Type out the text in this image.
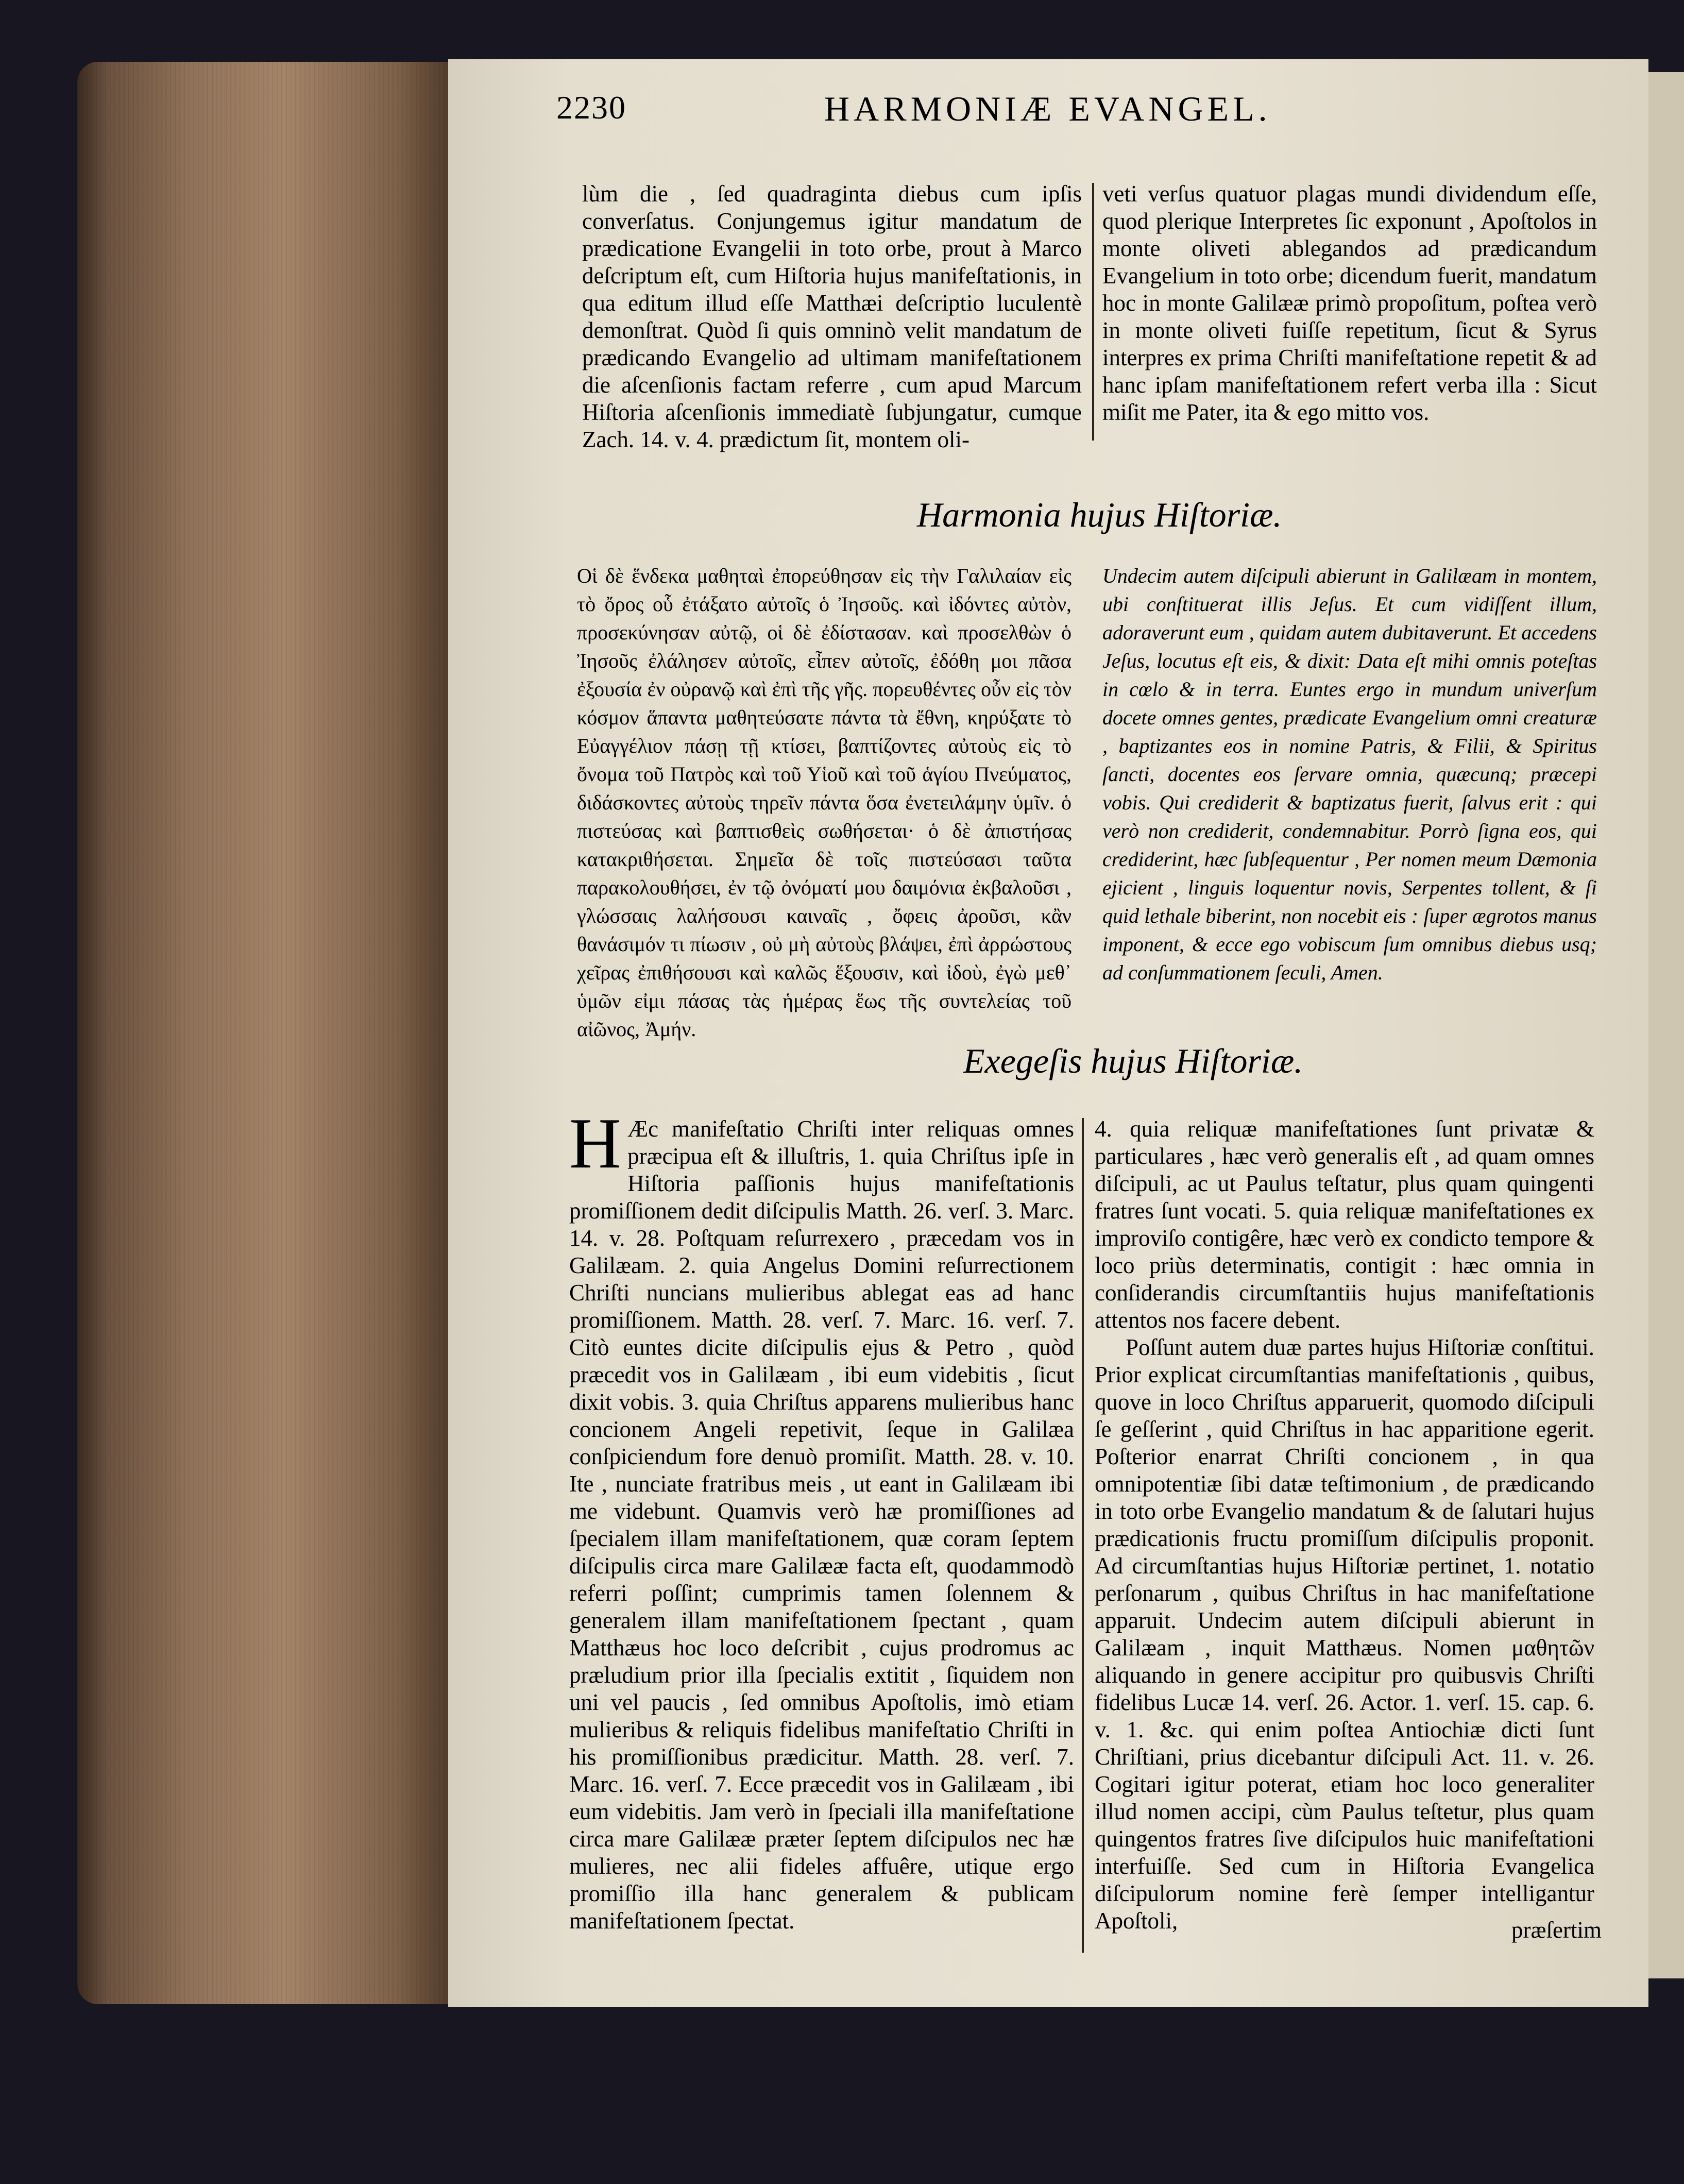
2230	HARMONIÆ EVANGEL.

lùm die , ſed quadraginta diebus cum ipſis converſatus. Conjungemus igitur mandatum de prædicatione Evangelii in toto orbe, prout à Marco deſcriptum eſt, cum Hiſtoria hujus manifeſtationis, in qua editum illud eſſe Matthæi deſcriptio luculentè demonſtrat. Quòd ſi quis omninò velit mandatum de prædicando Evangelio ad ultimam manifeſtationem die aſcenſionis factam referre , cum apud Marcum Hiſtoria aſcenſionis immediatè ſubjungatur, cumque Zach. 14. v. 4. prædictum ſit, montem oli-

veti verſus quatuor plagas mundi dividendum eſſe, quod plerique Interpretes ſic exponunt , Apoſtolos in monte oliveti ablegandos ad prædicandum Evangelium in toto orbe; dicendum fuerit, mandatum hoc in monte Galilææ primò propoſitum, poſtea verò in monte oliveti fuiſſe repetitum, ſicut & Syrus interpres ex prima Chriſti manifeſtatione repetit & ad hanc ipſam manifeſtationem refert verba illa : Sicut miſit me Pater, ita & ego mitto vos.

Harmonia hujus Hiſtoriæ.

Οἱ δὲ ἕνδεκα μαθηταὶ ἐπορεύθησαν εἰς τὴν Γαλιλαίαν εἰς τὸ ὄρος οὗ ἐτάξατο αὐτοῖς ὁ Ἰησοῦς. καὶ ἰδόντες αὐτὸν, προσεκύνησαν αὐτῷ, οἱ δὲ ἐδίστασαν. καὶ προσελθὼν ὁ Ἰησοῦς ἐλάλησεν αὐτοῖς, εἶπεν αὐτοῖς, ἐδόθη μοι πᾶσα ἐξουσία ἐν οὐρανῷ καὶ ἐπὶ τῆς γῆς. πορευθέντες οὖν εἰς τὸν κόσμον ἅπαντα μαθητεύσατε πάντα τὰ ἔθνη, κηρύξατε τὸ Εὐαγγέλιον πάσῃ τῇ κτίσει, βαπτίζοντες αὐτοὺς εἰς τὸ ὄνομα τοῦ Πατρὸς καὶ τοῦ Υἱοῦ καὶ τοῦ ἁγίου Πνεύματος, διδάσκοντες αὐτοὺς τηρεῖν πάντα ὅσα ἐνετειλάμην ὑμῖν. ὁ πιστεύσας καὶ βαπτισθεὶς σωθήσεται· ὁ δὲ ἀπιστήσας κατακριθήσεται. Σημεῖα δὲ τοῖς πιστεύσασι ταῦτα παρακολουθήσει, ἐν τῷ ὀνόματί μου δαιμόνια ἐκβαλοῦσι , γλώσσαις λαλήσουσι καιναῖς , ὄφεις ἀροῦσι, κἂν θανάσιμόν τι πίωσιν , οὐ μὴ αὐτοὺς βλάψει, ἐπὶ ἀρρώστους χεῖρας ἐπιθήσουσι καὶ καλῶς ἕξουσιν, καὶ ἰδοὺ, ἐγὼ μεθ᾽ ὑμῶν εἰμι πάσας τὰς ἡμέρας ἕως τῆς συντελείας τοῦ αἰῶνος, Ἀμήν.

Undecim autem diſcipuli abierunt in Galilæam in montem, ubi conſtituerat illis Jeſus. Et cum vidiſſent illum, adoraverunt eum , quidam autem dubitaverunt. Et accedens Jeſus, locutus eſt eis, & dixit: Data eſt mihi omnis poteſtas in cœlo & in terra. Euntes ergo in mundum univerſum docete omnes gentes, prædicate Evangelium omni creaturæ , baptizantes eos in nomine Patris, & Filii, & Spiritus ſancti, docentes eos ſervare omnia, quæcunq; præcepi vobis. Qui crediderit & baptizatus fuerit, ſalvus erit : qui verò non crediderit, condemnabitur. Porrò ſigna eos, qui crediderint, hæc ſubſequentur , Per nomen meum Dæmonia ejicient , linguis loquentur novis, Serpentes tollent, & ſi quid lethale biberint, non nocebit eis : ſuper ægrotos manus imponent, & ecce ego vobiscum ſum omnibus diebus usq; ad conſummationem ſeculi, Amen.

Exegeſis hujus Hiſtoriæ.
H Æc manifeſtatio Chriſti inter reliquas omnes præcipua eſt & illuſtris, 1. quia Chriſtus ipſe in Hiſtoria paſſionis hujus manifeſtationis promiſſionem dedit diſcipulis Matth. 26. verſ. 3. Marc. 14. v. 28. Poſtquam reſurrexero , præcedam vos in Galilæam. 2. quia Angelus Domini reſurrectionem Chriſti nuncians mulieribus ablegat eas ad hanc promiſſionem. Matth. 28. verſ. 7. Marc. 16. verſ. 7. Citò euntes dicite diſcipulis ejus & Petro , quòd præcedit vos in Galilæam , ibi eum videbitis , ſicut dixit vobis. 3. quia Chriſtus apparens mulieribus hanc concionem Angeli repetivit, ſeque in Galilæa conſpiciendum fore denuò promiſit. Matth. 28. v. 10. Ite , nunciate fratribus meis , ut eant in Galilæam ibi me videbunt. Quamvis verò hæ promiſſiones ad ſpecialem illam manifeſtationem, quæ coram ſeptem diſcipulis circa mare Galilææ facta eſt, quodammodò referri poſſint; cumprimis tamen ſolennem & generalem illam manifeſtationem ſpectant , quam Matthæus hoc loco deſcribit , cujus prodromus ac præludium prior illa ſpecialis extitit , ſiquidem non uni vel paucis , ſed omnibus Apoſtolis, imò etiam mulieribus & reliquis fidelibus manifeſtatio Chriſti in his promiſſionibus prædicitur. Matth. 28. verſ. 7. Marc. 16. verſ. 7. Ecce præcedit vos in Galilæam , ibi eum videbitis. Jam verò in ſpeciali illa manifeſtatione circa mare Galilææ præter ſeptem diſcipulos nec hæ mulieres, nec alii fideles affuêre, utique ergo promiſſio illa hanc generalem & publicam manifeſtationem ſpectat.

4. quia reliquæ manifeſtationes ſunt privatæ & particulares , hæc verò generalis eſt , ad quam omnes diſcipuli, ac ut Paulus teſtatur, plus quam quingenti fratres ſunt vocati. 5. quia reliquæ manifeſtationes ex improviſo contigêre, hæc verò ex condicto tempore & loco priùs determinatis, contigit : hæc omnia in conſiderandis circumſtantiis hujus manifeſtationis attentos nos facere debent.

Poſſunt autem duæ partes hujus Hiſtoriæ conſtitui. Prior explicat circumſtantias manifeſtationis , quibus, quove in loco Chriſtus apparuerit, quomodo diſcipuli ſe geſſerint , quid Chriſtus in hac apparitione egerit. Poſterior enarrat Chriſti concionem , in qua omnipotentiæ ſibi datæ teſtimonium , de prædicando in toto orbe Evangelio mandatum & de ſalutari hujus prædicationis fructu promiſſum diſcipulis proponit. Ad circumſtantias hujus Hiſtoriæ pertinet, 1. notatio perſonarum , quibus Chriſtus in hac manifeſtatione apparuit. Undecim autem diſcipuli abierunt in Galilæam , inquit Matthæus. Nomen μαθητῶν aliquando in genere accipitur pro quibusvis Chriſti fidelibus Lucæ 14. verſ. 26. Actor. 1. verſ. 15. cap. 6. v. 1. &c. qui enim poſtea Antiochiæ dicti ſunt Chriſtiani, prius dicebantur diſcipuli Act. 11. v. 26. Cogitari igitur poterat, etiam hoc loco generaliter illud nomen accipi, cùm Paulus teſtetur, plus quam quingentos fratres ſive diſcipulos huic manifeſtationi interfuiſſe. Sed cum in Hiſtoria Evangelica diſcipulorum nomine ferè ſemper intelligantur Apoſtoli,	præſertim
